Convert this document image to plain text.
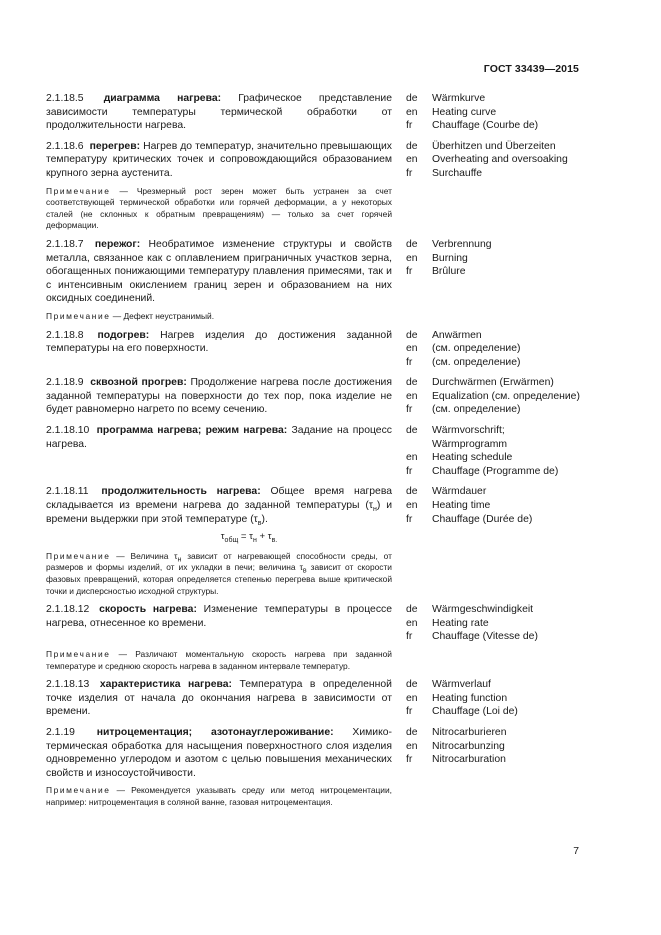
ГОСТ 33439—2015
2.1.18.5 диаграмма нагрева: Графическое представление зависимости температуры термической обработки от продолжительности нагрева.
de	Wärmkurve
en	Heating curve
fr	Chauffage (Courbe de)
2.1.18.6 перегрев: Нагрев до температур, значительно превышающих температуру критических точек и сопровождающийся образованием крупного зерна аустенита.
de	Überhitzen und Überzeiten
en	Overheating and oversoaking
fr	Surchauffe
Примечание — Чрезмерный рост зерен может быть устранен за счет соответствующей термической обработки или горячей деформации, а у некоторых сталей (не склонных к обратным превращениям) — только за счет горячей деформации.
2.1.18.7 пережог: Необратимое изменение структуры и свойств металла, связанное как с оплавлением приграничных участков зерна, обогащенных понижающими температуру плавления примесями, так и с интенсивным окислением границ зерен и образованием на них оксидных соединений.
de	Verbrennung
en	Burning
fr	Brûlure
Примечание — Дефект неустранимый.
2.1.18.8 подогрев: Нагрев изделия до достижения заданной температуры на его поверхности.
de	Anwärmen
en	(см. определение)
fr	(см. определение)
2.1.18.9 сквозной прогрев: Продолжение нагрева после достижения заданной температуры на поверхности до тех пор, пока изделие не будет равномерно нагрето по всему сечению.
de	Durchwärmen (Erwärmen)
en	Equalization (см. определение)
fr	(см. определение)
2.1.18.10 программа нагрева; режим нагрева: Задание на процесс нагрева.
de	Wärmvorschrift;
Wärmprogramm
en	Heating schedule
fr	Chauffage (Programme de)
2.1.18.11 продолжительность нагрева: Общее время нагрева складывается из времени нагрева до заданной температуры $(\tau_н)$ и времени выдержки при этой температуре $(\tau_в)$.
$\tau_{общ} = \tau_н + \tau_{в.}$
de	Wärmdauer
en	Heating time
fr	Chauffage (Durée de)
Примечание — Величина $\tau_н$ зависит от нагревающей способности среды, от размеров и формы изделий, от их укладки в печи; величина $\tau_в$ зависит от скорости фазовых превращений, которая определяется степенью перегрева выше критической точки и дисперсностью исходной структуры.
2.1.18.12 скорость нагрева: Изменение температуры в процессе нагрева, отнесенное ко времени.
de	Wärmgeschwindigkeit
en	Heating rate
fr	Chauffage (Vitesse de)
Примечание — Различают моментальную скорость нагрева при заданной температуре и среднюю скорость нагрева в заданном интервале температур.
2.1.18.13 характеристика нагрева: Температура в определенной точке изделия от начала до окончания нагрева в зависимости от времени.
de	Wärmverlauf
en	Heating function
fr	Chauffage (Loi de)
2.1.19 нитроцементация; азотонауглероживание: Химико-термическая обработка для насыщения поверхностного слоя изделия одновременно углеродом и азотом с целью повышения механических свойств и износоустойчивости.
de	Nitrocarburieren
en	Nitrocarbunzing
fr	Nitrocarburation
Примечание — Рекомендуется указывать среду или метод нитроцементации, например: нитроцементация в соляной ванне, газовая нитроцементация.
7
